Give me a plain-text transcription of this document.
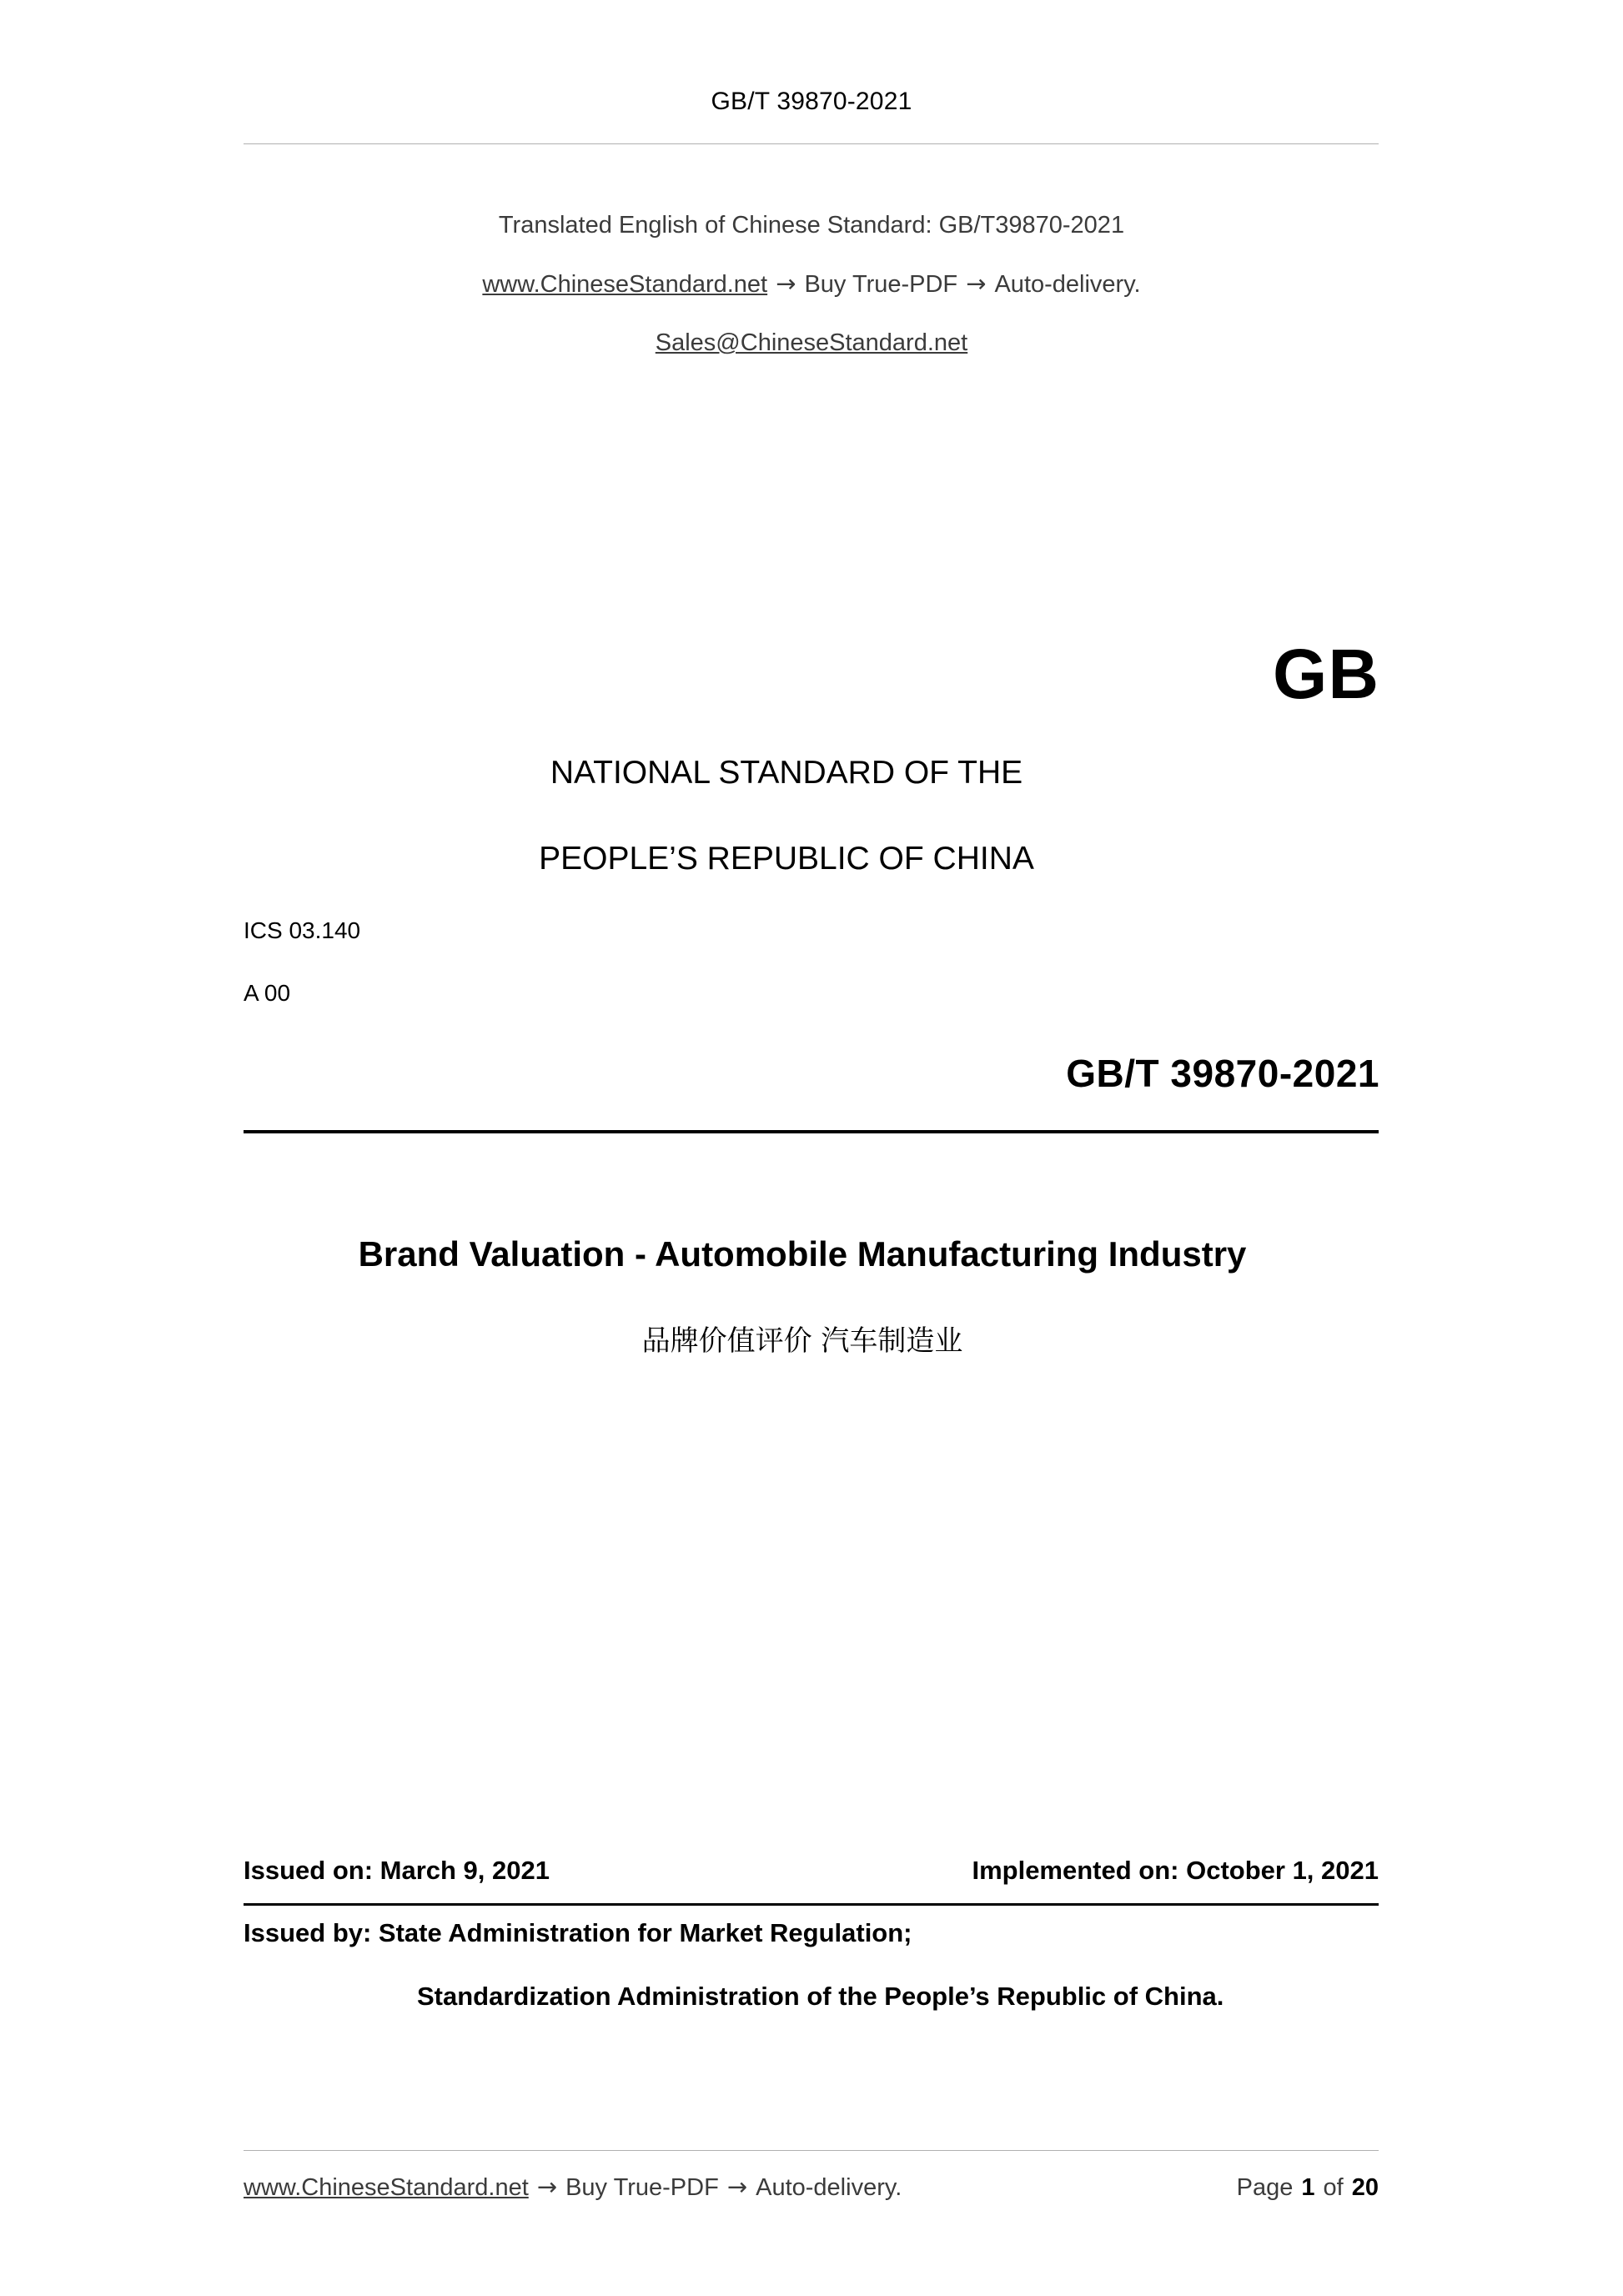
GB/T 39870-2021
Translated English of Chinese Standard: GB/T39870-2021
www.ChineseStandard.net → Buy True-PDF → Auto-delivery.
Sales@ChineseStandard.net
GB
NATIONAL STANDARD OF THE
PEOPLE’S REPUBLIC OF CHINA
ICS 03.140
A 00
GB/T 39870-2021
Brand Valuation - Automobile Manufacturing Industry
品牌价值评价 汽车制造业
Issued on: March 9, 2021	Implemented on: October 1, 2021
Issued by: State Administration for Market Regulation;
Standardization Administration of the People’s Republic of China.
www.ChineseStandard.net → Buy True-PDF → Auto-delivery.	Page 1 of 20
